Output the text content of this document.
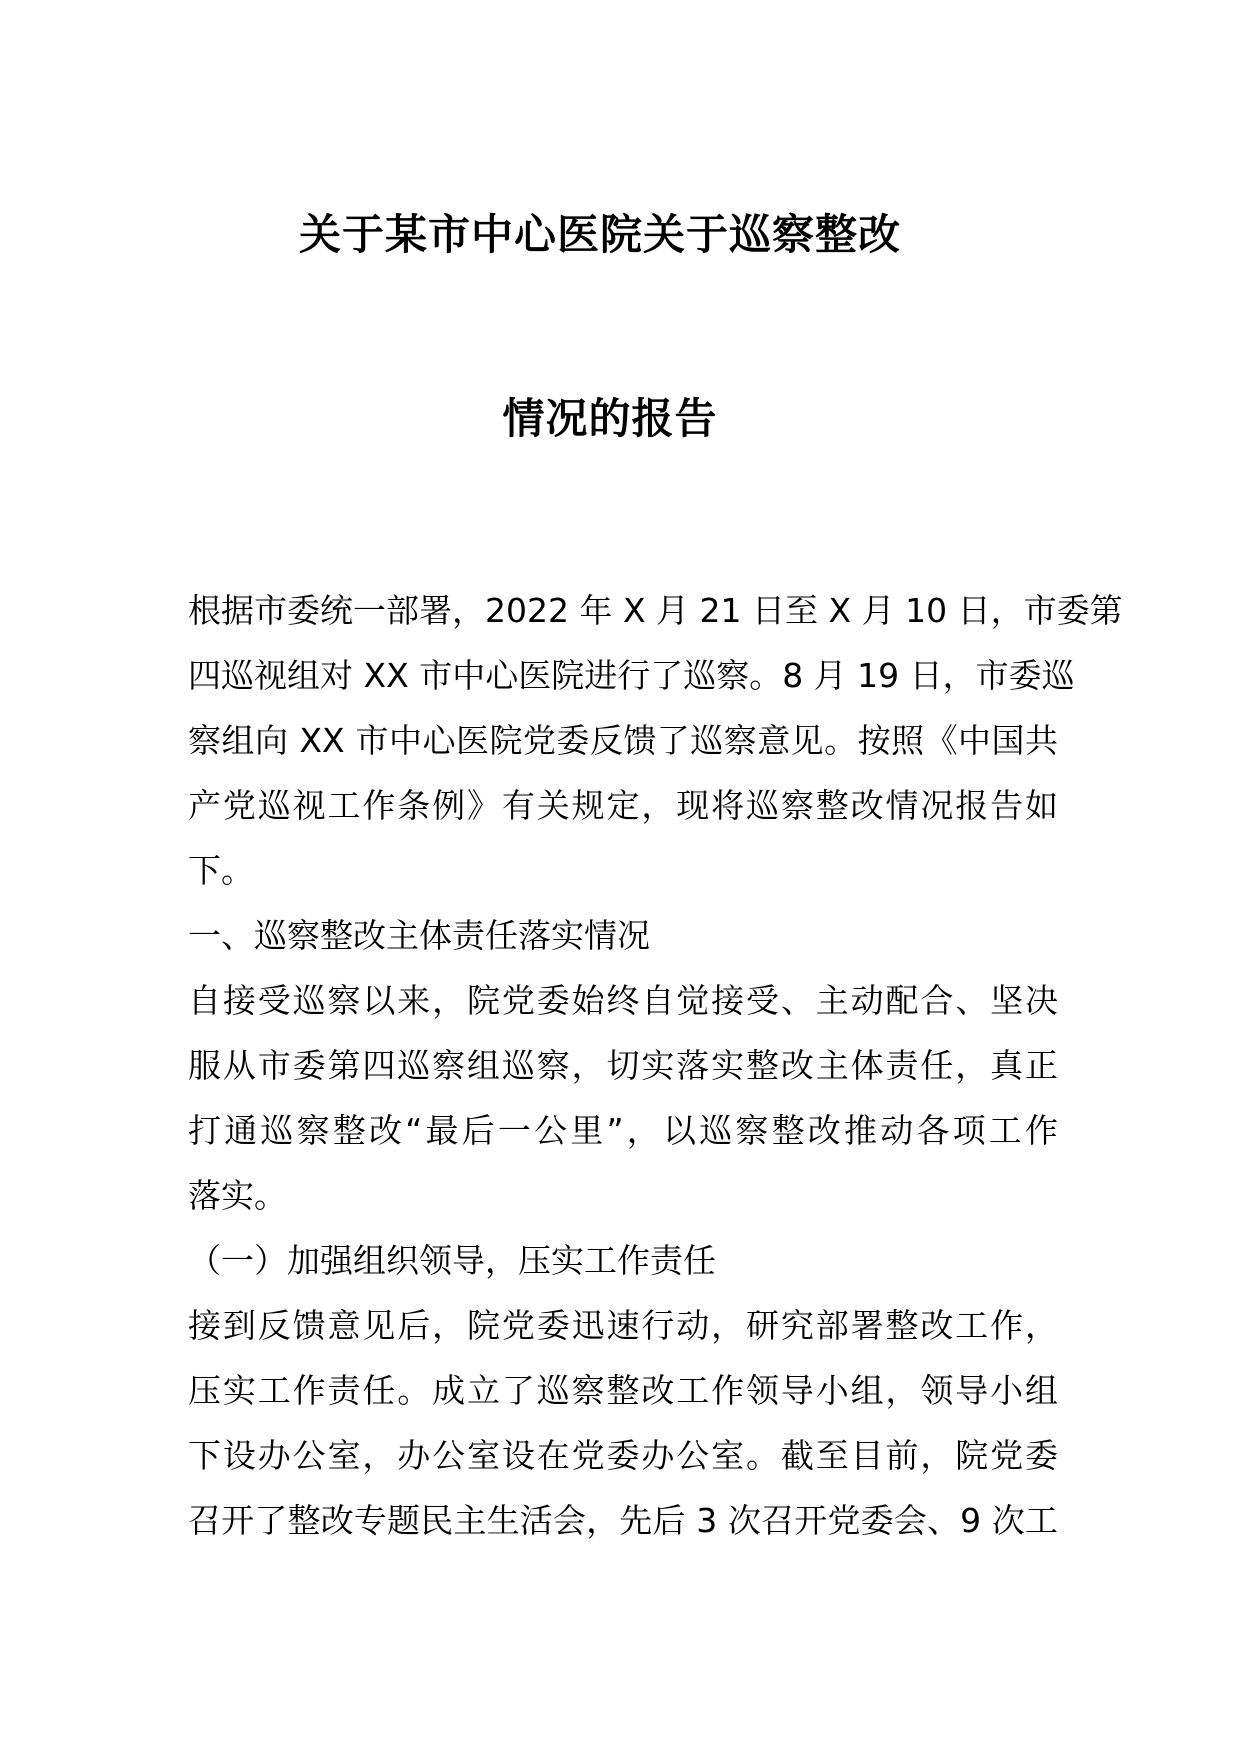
关于某市中心医院关于巡察整改
情况的报告
根据市委统一部署，2022 年 X 月 21 日至 X 月 10 日，市委第
四巡视组对 XX 市中心医院进行了巡察。8 月 19 日，市委巡
察组向 XX 市中心医院党委反馈了巡察意见。按照《中国共
产党巡视工作条例》有关规定，现将巡察整改情况报告如
下。
一、巡察整改主体责任落实情况
自接受巡察以来，院党委始终自觉接受、主动配合、坚决
服从市委第四巡察组巡察，切实落实整改主体责任，真正
打通巡察整改“最后一公里”，以巡察整改推动各项工作
落实。
（一）加强组织领导，压实工作责任
接到反馈意见后，院党委迅速行动，研究部署整改工作，
压实工作责任。成立了巡察整改工作领导小组，领导小组
下设办公室，办公室设在党委办公室。截至目前，院党委
召开了整改专题民主生活会，先后 3 次召开党委会、9 次工
